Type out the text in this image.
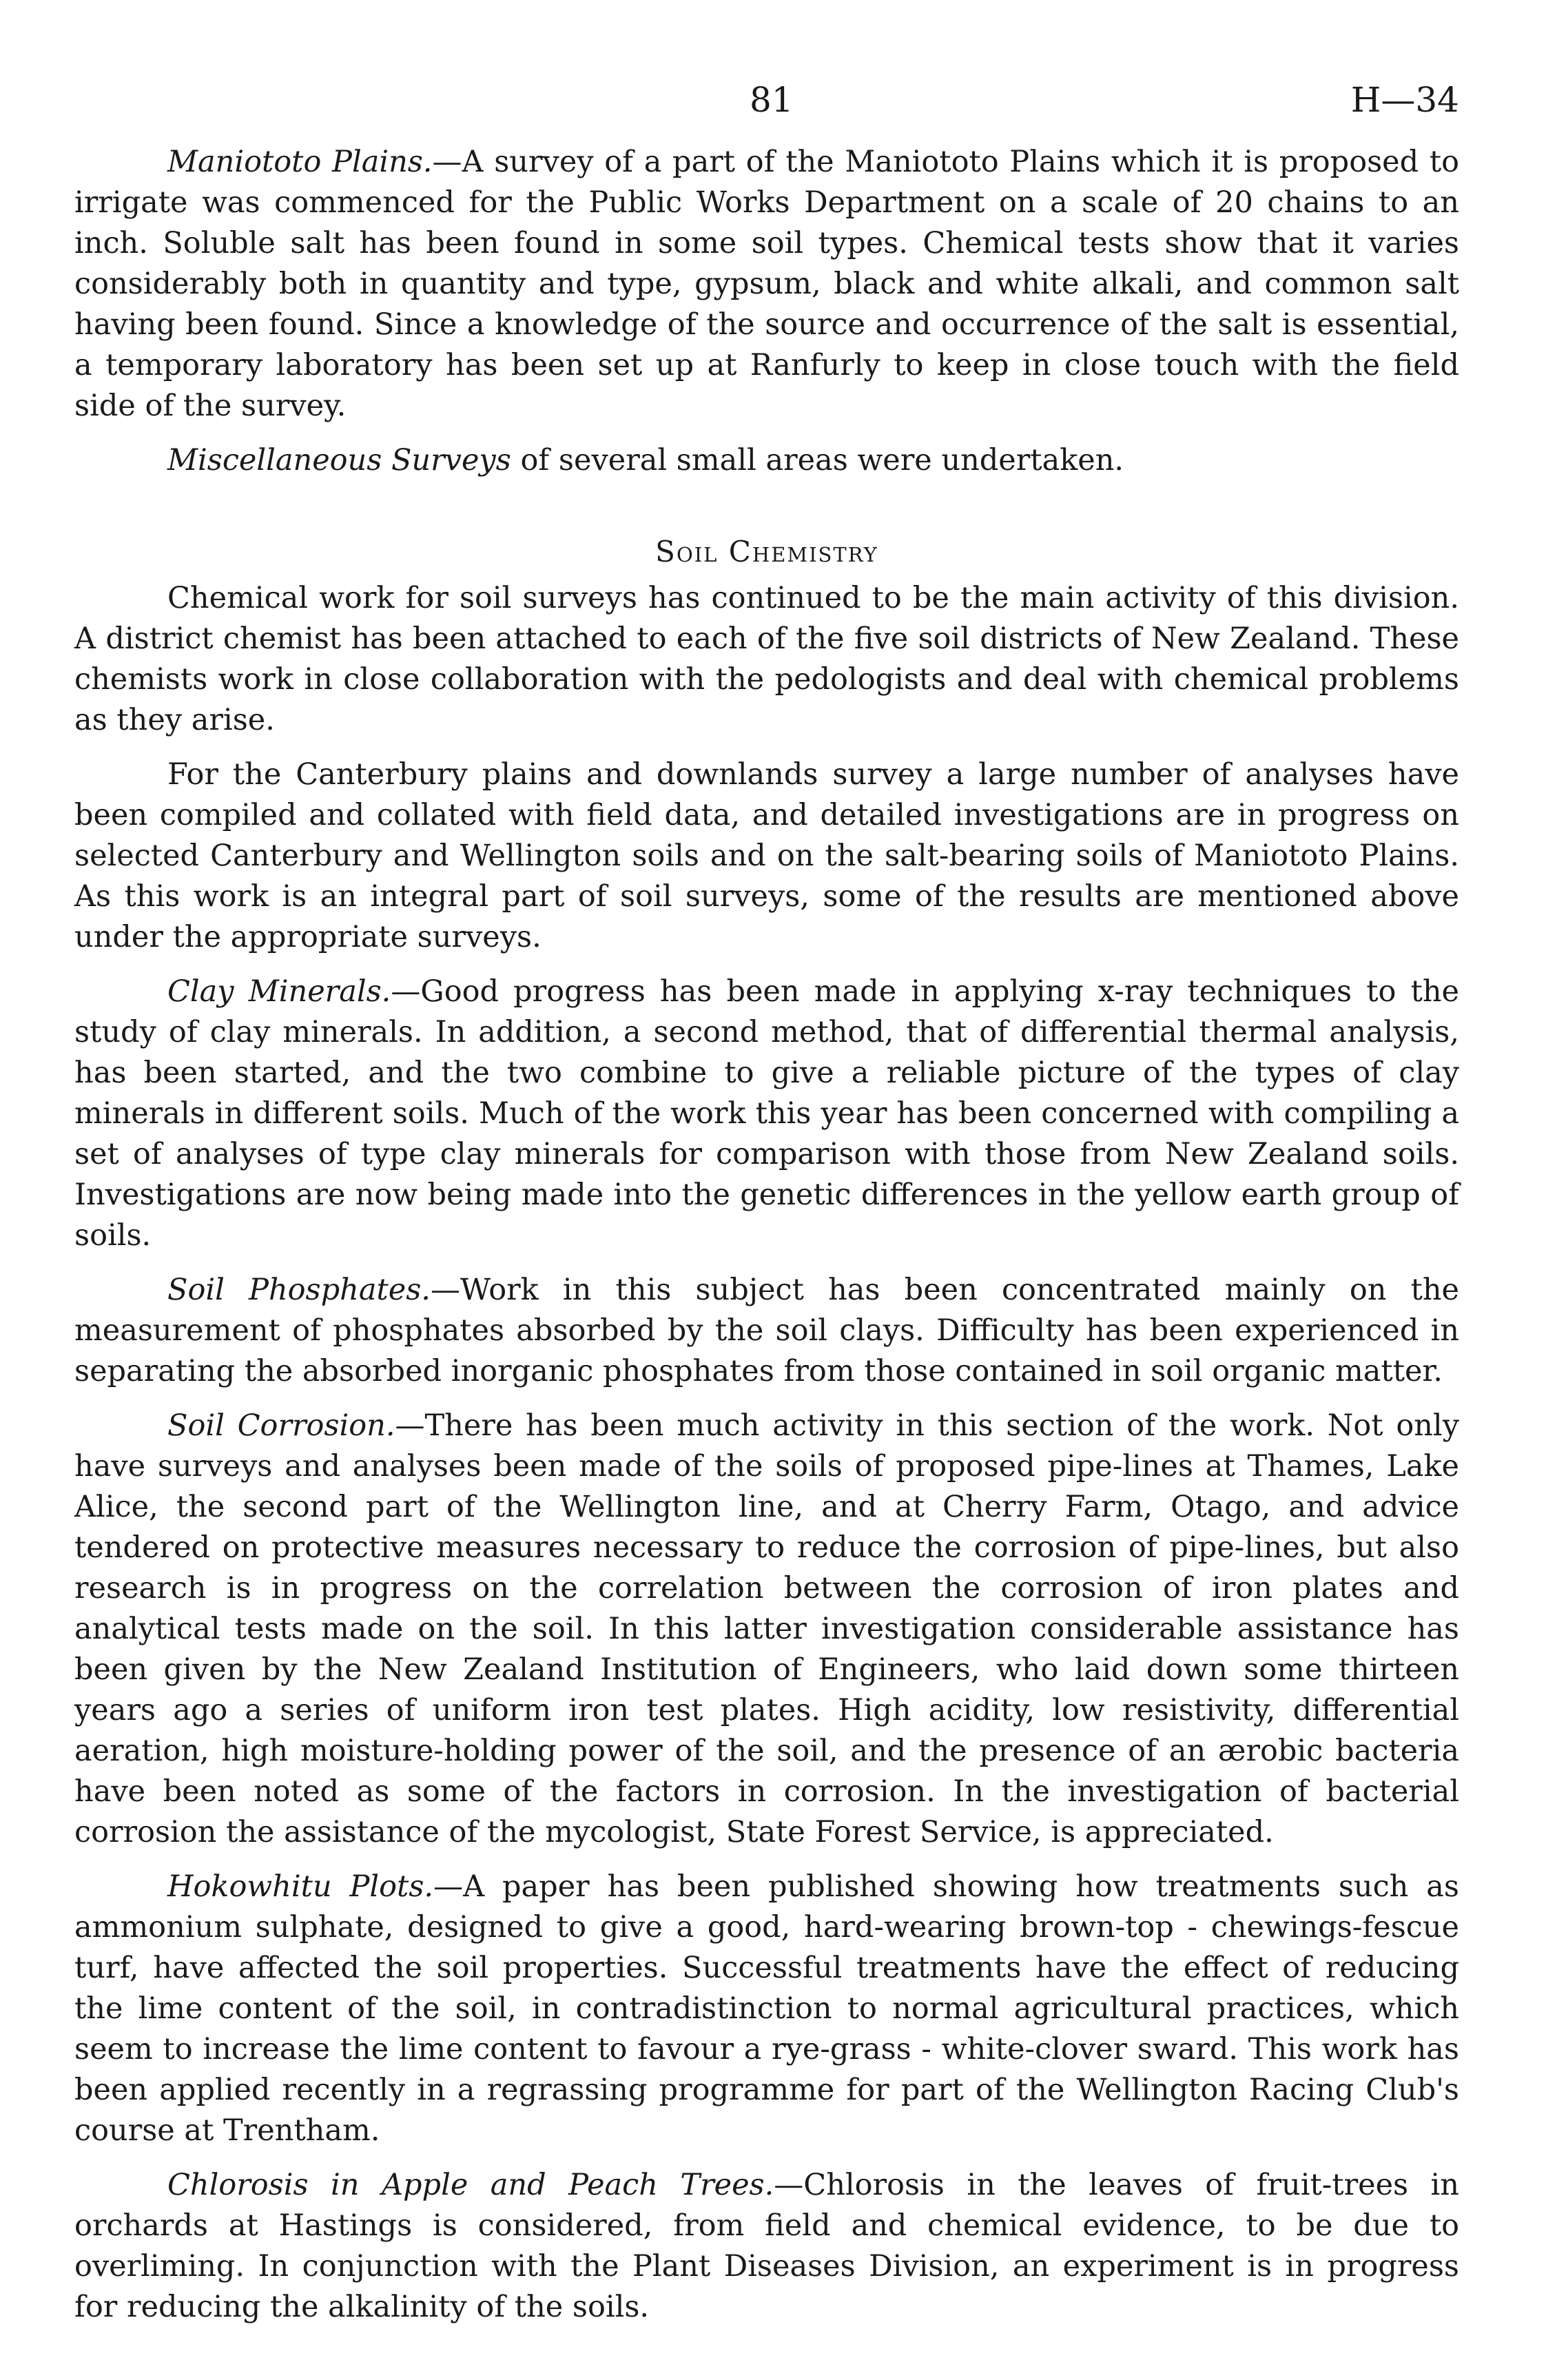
81	H—34

Maniototo Plains.—A survey of a part of the Maniototo Plains which it is proposed to irrigate was commenced for the Public Works Department on a scale of 20 chains to an inch. Soluble salt has been found in some soil types. Chemical tests show that it varies considerably both in quantity and type, gypsum, black and white alkali, and common salt having been found. Since a knowledge of the source and occurrence of the salt is essential, a temporary laboratory has been set up at Ranfurly to keep in close touch with the field side of the survey.

Miscellaneous Surveys of several small areas were undertaken.

Soil Chemistry

Chemical work for soil surveys has continued to be the main activity of this division. A district chemist has been attached to each of the five soil districts of New Zealand. These chemists work in close collaboration with the pedologists and deal with chemical problems as they arise.

For the Canterbury plains and downlands survey a large number of analyses have been compiled and collated with field data, and detailed investigations are in progress on selected Canterbury and Wellington soils and on the salt-bearing soils of Maniototo Plains. As this work is an integral part of soil surveys, some of the results are mentioned above under the appropriate surveys.

Clay Minerals.—Good progress has been made in applying x-ray techniques to the study of clay minerals. In addition, a second method, that of differential thermal analysis, has been started, and the two combine to give a reliable picture of the types of clay minerals in different soils. Much of the work this year has been concerned with compiling a set of analyses of type clay minerals for comparison with those from New Zealand soils. Investigations are now being made into the genetic differences in the yellow earth group of soils.

Soil Phosphates.—Work in this subject has been concentrated mainly on the measurement of phosphates absorbed by the soil clays. Difficulty has been experienced in separating the absorbed inorganic phosphates from those contained in soil organic matter.

Soil Corrosion.—There has been much activity in this section of the work. Not only have surveys and analyses been made of the soils of proposed pipe-lines at Thames, Lake Alice, the second part of the Wellington line, and at Cherry Farm, Otago, and advice tendered on protective measures necessary to reduce the corrosion of pipe-lines, but also research is in progress on the correlation between the corrosion of iron plates and analytical tests made on the soil. In this latter investigation considerable assistance has been given by the New Zealand Institution of Engineers, who laid down some thirteen years ago a series of uniform iron test plates. High acidity, low resistivity, differential aeration, high moisture-holding power of the soil, and the presence of an ærobic bacteria have been noted as some of the factors in corrosion. In the investigation of bacterial corrosion the assistance of the mycologist, State Forest Service, is appreciated.

Hokowhitu Plots.—A paper has been published showing how treatments such as ammonium sulphate, designed to give a good, hard-wearing brown-top - chewings-fescue turf, have affected the soil properties. Successful treatments have the effect of reducing the lime content of the soil, in contradistinction to normal agricultural practices, which seem to increase the lime content to favour a rye-grass - white-clover sward. This work has been applied recently in a regrassing programme for part of the Wellington Racing Club's course at Trentham.

Chlorosis in Apple and Peach Trees.—Chlorosis in the leaves of fruit-trees in orchards at Hastings is considered, from field and chemical evidence, to be due to overliming. In conjunction with the Plant Diseases Division, an experiment is in progress for reducing the alkalinity of the soils.
